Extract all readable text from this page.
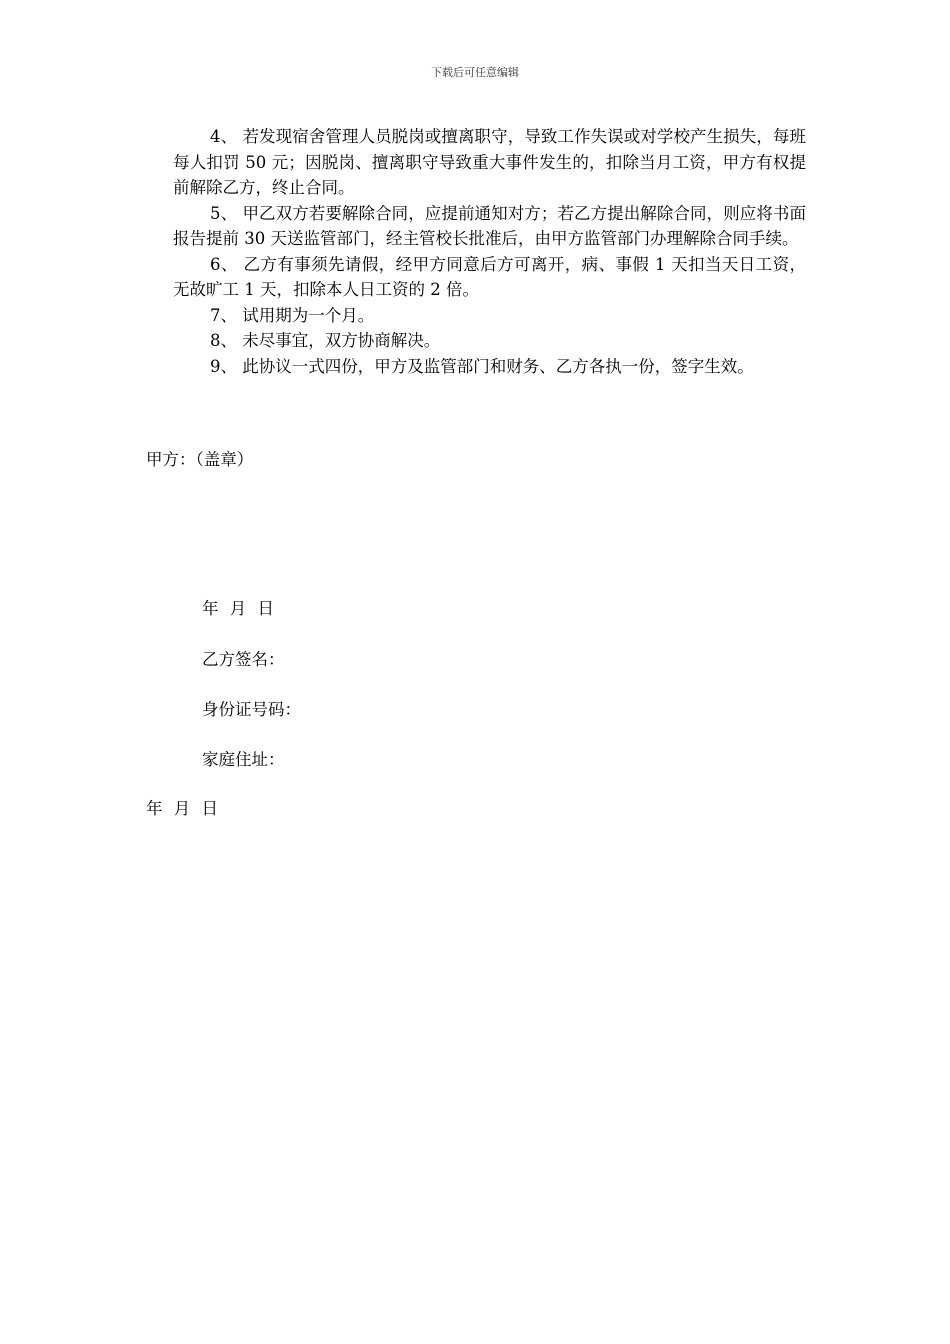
下载后可任意编辑

4、 若发现宿舍管理人员脱岗或擅离职守，导致工作失误或对学校产生损失，每班每人扣罚 50 元；因脱岗、擅离职守导致重大事件发生的，扣除当月工资，甲方有权提前解除乙方，终止合同。

5、 甲乙双方若要解除合同，应提前通知对方；若乙方提出解除合同，则应将书面报告提前 30 天送监管部门，经主管校长批准后，由甲方监管部门办理解除合同手续。

6、 乙方有事须先请假，经甲方同意后方可离开，病、事假 1 天扣当天日工资，无故旷工 1 天，扣除本人日工资的 2 倍。

7、 试用期为一个月。

8、 未尽事宜，双方协商解决。

9、 此协议一式四份，甲方及监管部门和财务、乙方各执一份，签字生效。

甲方：（盖章）
年 月 日
乙方签名：
身份证号码：
家庭住址：
年 月 日
